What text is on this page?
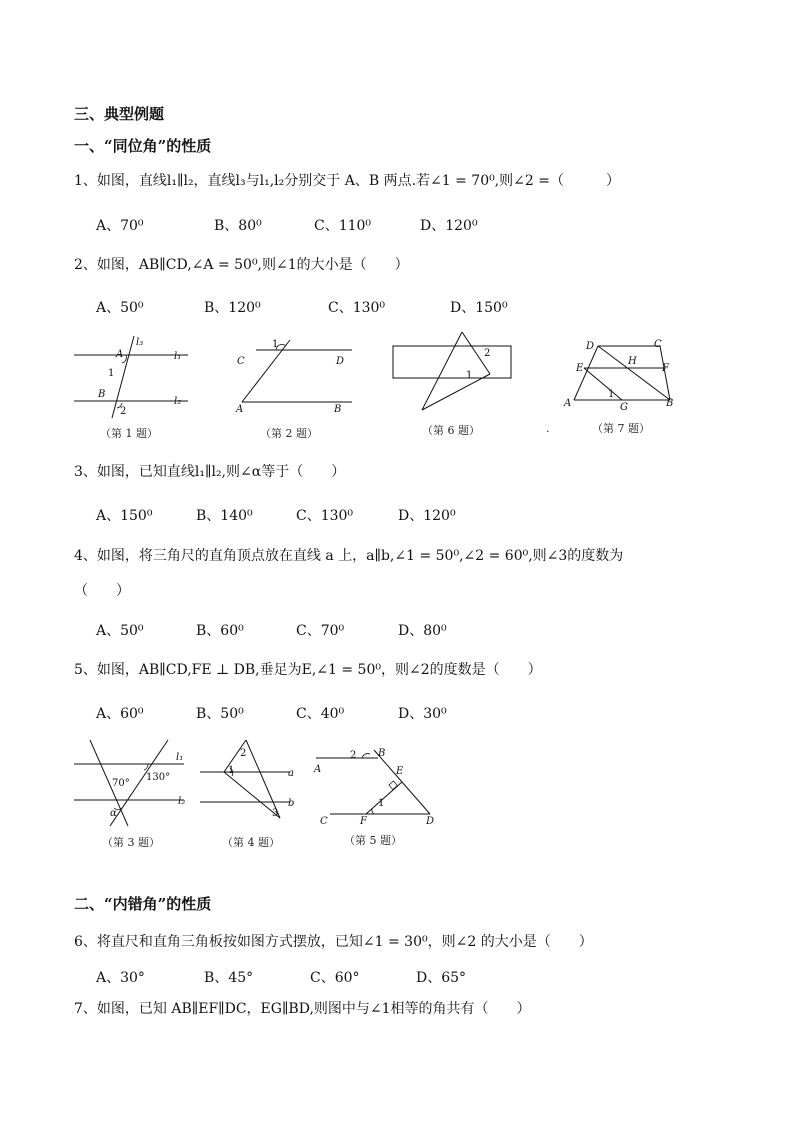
三、典型例题
一、“同位角”的性质
1、如图，直线l₁∥l₂，直线l₃与l₁,l₂分别交于 A、B 两点.若∠1 = 70⁰,则∠2 =（　　　）
A、70⁰	B、80⁰	C、110⁰	D、120⁰
2、如图，AB∥CD,∠A = 50⁰,则∠1的大小是（　　）
A、50⁰	B、120⁰	C、130⁰	D、150⁰
l₃
l₁
l₂
A
B
1
2
（第 1 题）
1
C	D
A	B
（第 2 题）
2
1
（第 6 题）
D	C
H
E	F
1
A	G	B
.	（第 7 题）
3、如图，已知直线l₁∥l₂,则∠α等于（　　）
A、150⁰	B、140⁰	C、130⁰	D、120⁰
4、如图，将三角尺的直角顶点放在直线 a 上，a∥b,∠1 = 50⁰,∠2 = 60⁰,则∠3的度数为
（　　）
A、50⁰	B、60⁰	C、70⁰	D、80⁰
5、如图，AB∥CD,FE ⊥ DB,垂足为E,∠1 = 50⁰，则∠2的度数是（　　）
A、60⁰	B、50⁰	C、40⁰	D、30⁰
l₁
70°
130°
l₂
α
（第 3 题）
2
1	a
b
3
（第 4 题）
2 B
A	E
1
C	F	D
（第 5 题）
二、“内错角”的性质
6、将直尺和直角三角板按如图方式摆放，已知∠1 = 30⁰，则∠2 的大小是（　　）
A、30°	B、45°	C、60°	D、65°
7、如图，已知 AB∥EF∥DC，EG∥BD,则图中与∠1相等的角共有（　　）
